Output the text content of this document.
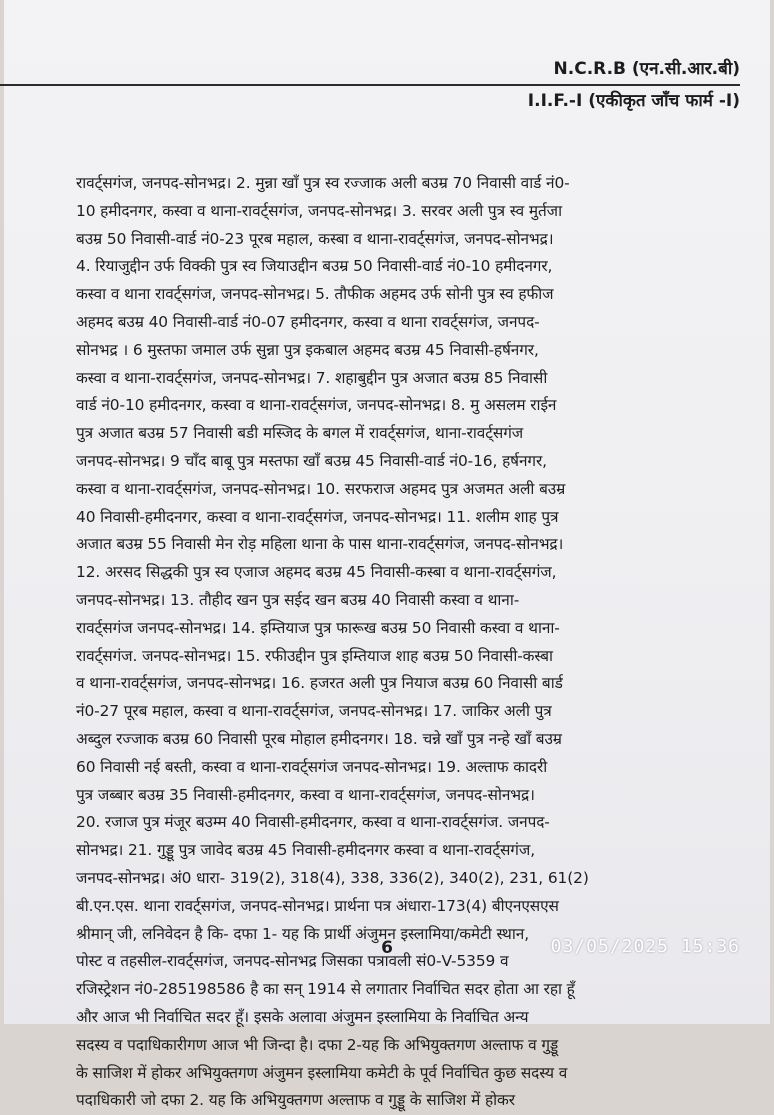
N.C.R.B (एन.सी.आर.बी)
I.I.F.-I (एकीकृत जाँच फार्म -I)
रावर्ट्सगंज, जनपद-सोनभद्र। 2. मुन्ना खाँ पुत्र स्व रज्जाक अली बउम्र 70 निवासी वार्ड नं0-
10 हमीदनगर, कस्वा व थाना-रावर्ट्सगंज, जनपद-सोनभद्र। 3. सरवर अली पुत्र स्व मुर्तजा
बउम्र 50 निवासी-वार्ड नं0-23 पूरब महाल, कस्बा व थाना-रावर्ट्सगंज, जनपद-सोनभद्र।
4. रियाजुद्दीन उर्फ विक्की पुत्र स्व जियाउद्दीन बउम्र 50 निवासी-वार्ड नं0-10 हमीदनगर,
कस्वा व थाना रावर्ट्सगंज, जनपद-सोनभद्र। 5. तौफीक अहमद उर्फ सोनी पुत्र स्व हफीज
अहमद बउम्र 40 निवासी-वार्ड नं0-07 हमीदनगर, कस्वा व थाना रावर्ट्सगंज, जनपद-
सोनभद्र । 6 मुस्तफा जमाल उर्फ सुन्ना पुत्र इकबाल अहमद बउम्र 45 निवासी-हर्षनगर,
कस्वा व थाना-रावर्ट्सगंज, जनपद-सोनभद्र। 7. शहाबुद्दीन पुत्र अजात बउम्र 85 निवासी
वार्ड नं0-10 हमीदनगर, कस्वा व थाना-रावर्ट्सगंज, जनपद-सोनभद्र। 8. मु असलम राईन
पुत्र अजात बउम्र 57 निवासी बडी मस्जिद के बगल में रावर्ट्सगंज, थाना-रावर्ट्सगंज
जनपद-सोनभद्र। 9 चाँद बाबू पुत्र मस्तफा खाँ बउम्र 45 निवासी-वार्ड नं0-16, हर्षनगर,
कस्वा व थाना-रावर्ट्सगंज, जनपद-सोनभद्र। 10. सरफराज अहमद पुत्र अजमत अली बउम्र
40 निवासी-हमीदनगर, कस्वा व थाना-रावर्ट्सगंज, जनपद-सोनभद्र। 11. शलीम शाह पुत्र
अजात बउम्र 55 निवासी मेन रोड़ महिला थाना के पास थाना-रावर्ट्सगंज, जनपद-सोनभद्र।
12. अरसद सिद्धकी पुत्र स्व एजाज अहमद बउम्र 45 निवासी-कस्बा व थाना-रावर्ट्सगंज,
जनपद-सोनभद्र। 13. तौहीद खन पुत्र सईद खन बउम्र 40 निवासी कस्वा व थाना-
रावर्ट्सगंज जनपद-सोनभद्र। 14. इम्तियाज पुत्र फारूख बउम्र 50 निवासी कस्वा व थाना-
रावर्ट्सगंज. जनपद-सोनभद्र। 15. रफीउद्दीन पुत्र इम्तियाज शाह बउम्र 50 निवासी-कस्बा
व थाना-रावर्ट्सगंज, जनपद-सोनभद्र। 16. हजरत अली पुत्र नियाज बउम्र 60 निवासी बार्ड
नं0-27 पूरब महाल, कस्वा व थाना-रावर्ट्सगंज, जनपद-सोनभद्र। 17. जाकिर अली पुत्र
अब्दुल रज्जाक बउम्र 60 निवासी पूरब मोहाल हमीदनगर। 18. चन्ने खाँ पुत्र नन्हे खाँ बउम्र
60 निवासी नई बस्ती, कस्वा व थाना-रावर्ट्सगंज जनपद-सोनभद्र। 19. अल्ताफ कादरी
पुत्र जब्बार बउम्र 35 निवासी-हमीदनगर, कस्वा व थाना-रावर्ट्सगंज, जनपद-सोनभद्र।
20. रजाज पुत्र मंजूर बउम्म 40 निवासी-हमीदनगर, कस्वा व थाना-रावर्ट्सगंज. जनपद-
सोनभद्र। 21. गुड्डू पुत्र जावेद बउम्र 45 निवासी-हमीदनगर कस्वा व थाना-रावर्ट्सगंज,
जनपद-सोनभद्र। अं0 धारा- 319(2), 318(4), 338, 336(2), 340(2), 231, 61(2)
बी.एन.एस. थाना रावर्ट्सगंज, जनपद-सोनभद्र। प्रार्थना पत्र अंधारा-173(4) बीएनएसएस
श्रीमान् जी, लनिवेदन है कि- दफा 1- यह कि प्रार्थी अंजुमन इस्लामिया/कमेटी स्थान,
पोस्ट व तहसील-रावर्ट्सगंज, जनपद-सोनभद्र जिसका पत्रावली सं0-V-5359 व
रजिस्ट्रेशन नं0-285198586 है का सन् 1914 से लगातार निर्वाचित सदर होता आ रहा हूँ
और आज भी निर्वाचित सदर हूँ। इसके अलावा अंजुमन इस्लामिया के निर्वाचित अन्य
सदस्य व पदाधिकारीगण आज भी जिन्दा है। दफा 2-यह कि अभियुक्तगण अल्ताफ व गुड्डू
के साजिश में होकर अभियुक्तगण अंजुमन इस्लामिया कमेटी के पूर्व निर्वाचित कुछ सदस्य व
पदाधिकारी जो दफा 2. यह कि अभियुक्तगण अल्ताफ व गुड्डू के साजिश में होकर
6	03/05/2025 15:36
